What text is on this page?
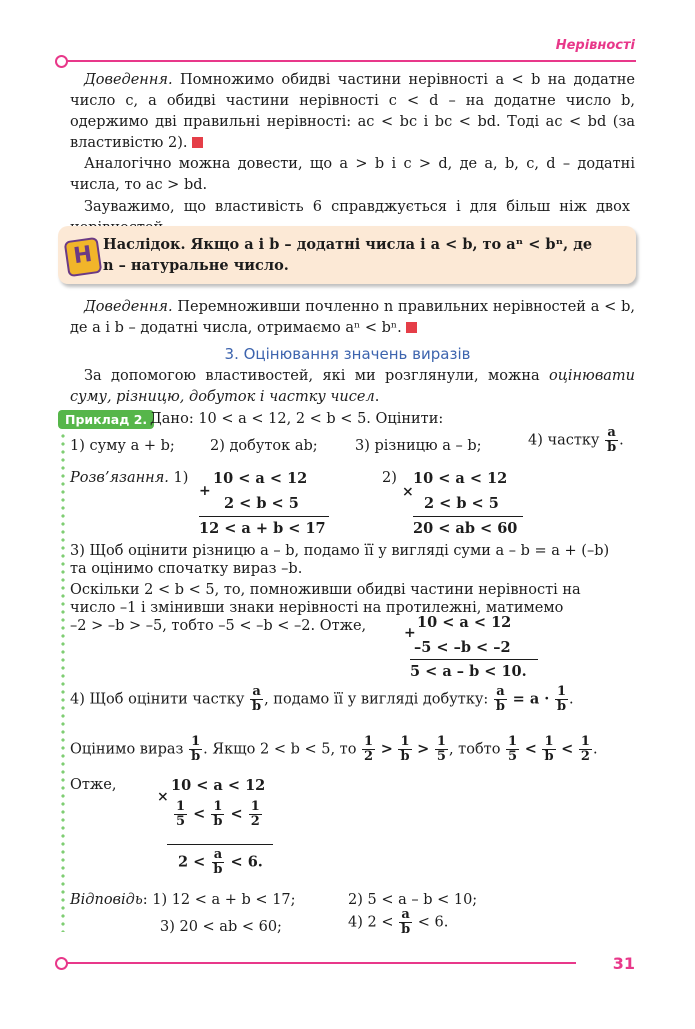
Нерівності
Доведення. Помножимо обидві частини нерівності a < b на додатне число c, а обидві частини нерівності c < d – на додатне число b, одержимо дві правильні нерівності: ac < bc і bc < bd. Тоді ac < bd (за властивістю 2).
Аналогічно можна довести, що a > b і c > d, де a, b, c, d – додатні числа, то ac > bd.
Зауважимо, що властивість 6 справджується і для більш ніж двох
Н Наслідок. Якщо a і b – додатні числа і a < b, то aⁿ < bⁿ, де
n – натуральне число.
Доведення. Перемноживши почленно n правильних нерівностей a < b, де a і b – додатні числа, отримаємо aⁿ < bⁿ.
3. Оцінювання значень виразів
За допомогою властивостей, які ми розглянули, можна оцінювати суму, різницю, добуток і частку чисел.
Приклад 2. Дано: 10 < a < 12, 2 < b < 5. Оцінити:
1) суму a + b; 2) добуток ab;	3) різницю a – b;	4) частку $\frac{a}{b}$ .
Розв’язання. 1)
+
10 < a < 12
2 < b < 5
12 < a + b < 17
2)
×
10 < a < 12
2 < b < 5
20 < ab < 60
3) Щоб оцінити різницю a – b, подамо її у вигляді суми a – b = a + (–b)
та оцінимо спочатку вираз –b.
Оскільки 2 < b < 5, то, помноживши обидві частини нерівності на
число –1 і змінивши знаки нерівності на протилежні, матимемо
–2 > –b > –5, тобто –5 < –b < –2. Отже,	+
10 < a < 12
–5 < –b < –2
5 < a – b < 10.
4) Щоб оцінити частку $\frac{a}{b}$ , подамо її у вигляді добутку: $\frac{a}{b} = a \cdot \frac{1}{b}$ .
Оцінимо вираз $\frac{1}{b}$ . Якщо 2 < b < 5, то $\frac{1}{2} > \frac{1}{b} > \frac{1}{5}$ , тобто $\frac{1}{5} < \frac{1}{b} < \frac{1}{2}$ .
Отже,
×
10 < a < 12
$\frac{1}{5} < \frac{1}{b} < \frac{1}{2}$
$2 < \frac{a}{b} < 6$.
Відповідь: 1) 12 < a + b < 17;	2) 5 < a – b < 10;
3) 20 < ab < 60;	4) $2 < \frac{a}{b} < 6$.
31
